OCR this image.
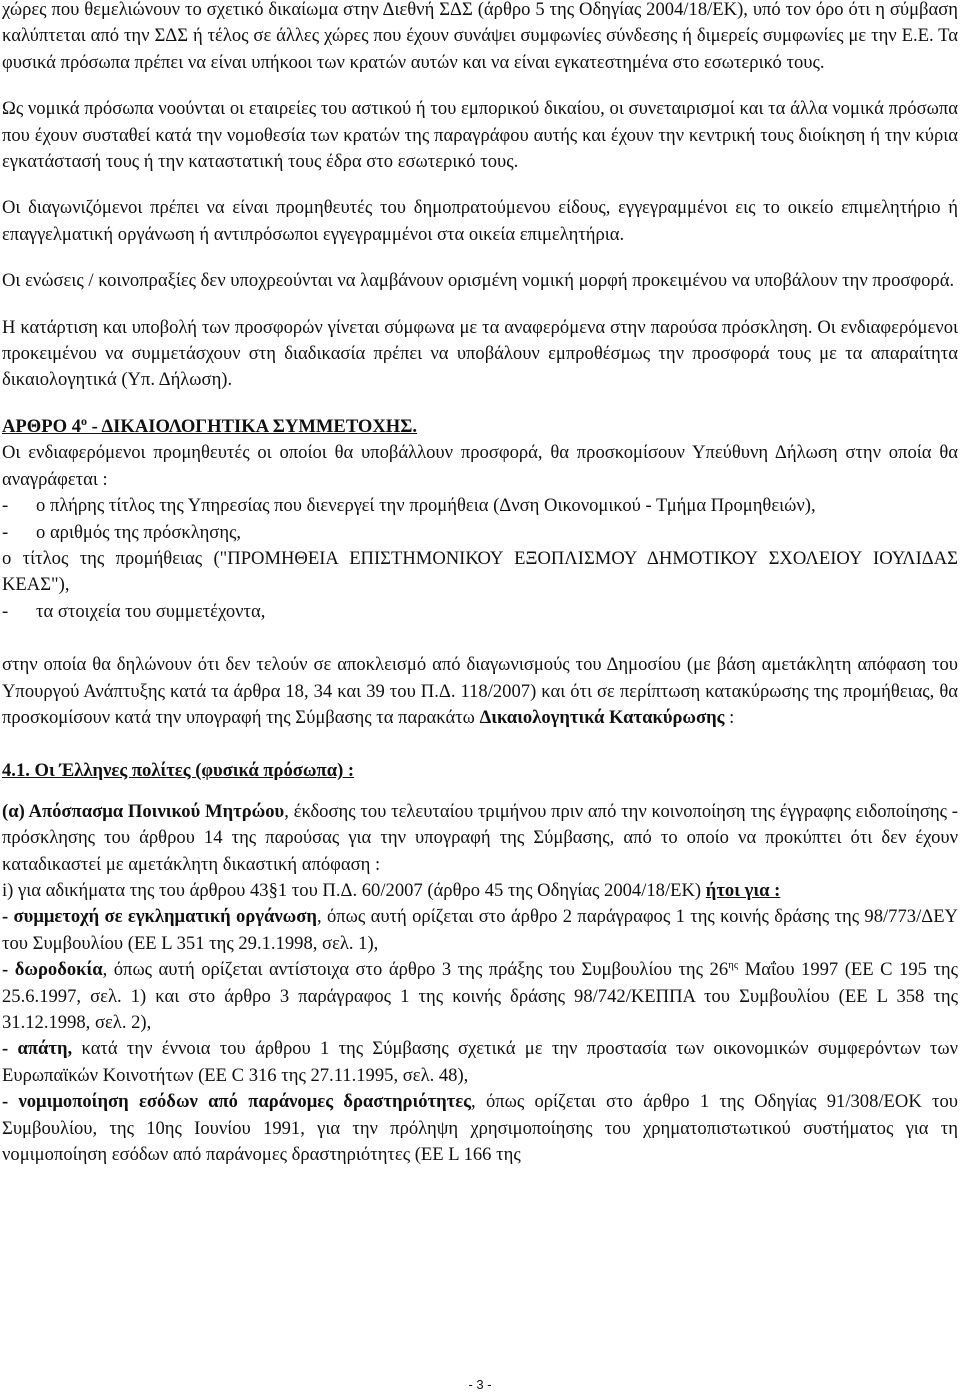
χώρες που θεμελιώνουν το σχετικό δικαίωμα στην Διεθνή ΣΔΣ (άρθρο 5 της Οδηγίας 2004/18/ΕΚ), υπό τον όρο ότι η σύμβαση καλύπτεται από την ΣΔΣ ή τέλος σε άλλες χώρες που έχουν συνάψει συμφωνίες σύνδεσης ή διμερείς συμφωνίες με την Ε.Ε. Τα φυσικά πρόσωπα πρέπει να είναι υπήκοοι των κρατών αυτών και να είναι εγκατεστημένα στο εσωτερικό τους.

Ως νομικά πρόσωπα νοούνται οι εταιρείες του αστικού ή του εμπορικού δικαίου, οι συνεταιρισμοί και τα άλλα νομικά πρόσωπα που έχουν συσταθεί κατά την νομοθεσία των κρατών της παραγράφου αυτής και έχουν την κεντρική τους διοίκηση ή την κύρια εγκατάστασή τους ή την καταστατική τους έδρα στο εσωτερικό τους.

Οι διαγωνιζόμενοι πρέπει να είναι προμηθευτές του δημοπρατούμενου είδους, εγγεγραμμένοι εις το οικείο επιμελητήριο ή επαγγελματική οργάνωση ή αντιπρόσωποι εγγεγραμμένοι στα οικεία επιμελητήρια.

Οι ενώσεις / κοινοπραξίες δεν υποχρεούνται να λαμβάνουν ορισμένη νομική μορφή προκειμένου να υποβάλουν την προσφορά.

Η κατάρτιση και υποβολή των προσφορών γίνεται σύμφωνα με τα αναφερόμενα στην παρούσα πρόσκληση. Οι ενδιαφερόμενοι προκειμένου να συμμετάσχουν στη διαδικασία πρέπει να υποβάλουν εμπροθέσμως την προσφορά τους με τα απαραίτητα δικαιολογητικά (Υπ. Δήλωση).

ΑΡΘΡΟ $4^o$ - ΔΙΚΑΙΟΛΟΓΗΤΙΚΑ ΣΥΜΜΕΤΟΧΗΣ.

Οι ενδιαφερόμενοι προμηθευτές οι οποίοι θα υποβάλλουν προσφορά, θα προσκομίσουν Υπεύθυνη Δήλωση στην οποία θα αναγράφεται :

- ο πλήρης τίτλος της Υπηρεσίας που διενεργεί την προμήθεια (Δνση Οικονομικού - Τμήμα Προμηθειών),

- ο αριθμός της πρόσκλησης,

ο τίτλος της προμήθειας ("ΠΡΟΜΗΘΕΙΑ ΕΠΙΣΤΗΜΟΝΙΚΟΥ ΕΞΟΠΛΙΣΜΟΥ ΔΗΜΟΤΙΚΟΥ ΣΧΟΛΕΙΟΥ ΙΟΥΛΙΔΑΣ ΚΕΑΣ"),

- τα στοιχεία του συμμετέχοντα,

στην οποία θα δηλώνουν ότι δεν τελούν σε αποκλεισμό από διαγωνισμούς του Δημοσίου (με βάση αμετάκλητη απόφαση του Υπουργού Ανάπτυξης κατά τα άρθρα 18, 34 και 39 του Π.Δ. 118/2007) και ότι σε περίπτωση κατακύρωσης της προμήθειας, θα προσκομίσουν κατά την υπογραφή της Σύμβασης τα παρακάτω Δικαιολογητικά Κατακύρωσης :

4.1. Οι Έλληνες πολίτες (φυσικά πρόσωπα) :

(α) Απόσπασμα Ποινικού Μητρώου, έκδοσης του τελευταίου τριμήνου πριν από την κοινοποίηση της έγγραφης ειδοποίησης - πρόσκλησης του άρθρου 14 της παρούσας για την υπογραφή της Σύμβασης, από το οποίο να προκύπτει ότι δεν έχουν καταδικαστεί με αμετάκλητη δικαστική απόφαση :

i) για αδικήματα της του άρθρου 43§1 του Π.Δ. 60/2007 (άρθρο 45 της Οδηγίας 2004/18/ΕΚ) ήτοι για :

- συμμετοχή σε εγκληματική οργάνωση, όπως αυτή ορίζεται στο άρθρο 2 παράγραφος 1 της κοινής δράσης της 98/773/ΔΕΥ του Συμβουλίου (ΕΕ L 351 της 29.1.1998, σελ. 1),

- δωροδοκία, όπως αυτή ορίζεται αντίστοιχα στο άρθρο 3 της πράξης του Συμβουλίου της $26^{\eta\varsigma}$ Μαΐου 1997 (ΕΕ C 195 της 25.6.1997, σελ. 1) και στο άρθρο 3 παράγραφος 1 της κοινής δράσης 98/742/ΚΕΠΠΑ του Συμβουλίου (ΕΕ L 358 της 31.12.1998, σελ. 2),

- απάτη, κατά την έννοια του άρθρου 1 της Σύμβασης σχετικά με την προστασία των οικονομικών συμφερόντων των Ευρωπαϊκών Κοινοτήτων (ΕΕ C 316 της 27.11.1995, σελ. 48),

- νομιμοποίηση εσόδων από παράνομες δραστηριότητες, όπως ορίζεται στο άρθρο 1 της Οδηγίας 91/308/ΕΟΚ του Συμβουλίου, της 10ης Ιουνίου 1991, για την πρόληψη χρησιμοποίησης του χρηματοπιστωτικού συστήματος για τη νομιμοποίηση εσόδων από παράνομες δραστηριότητες (ΕΕ L 166 της

- 3 -
